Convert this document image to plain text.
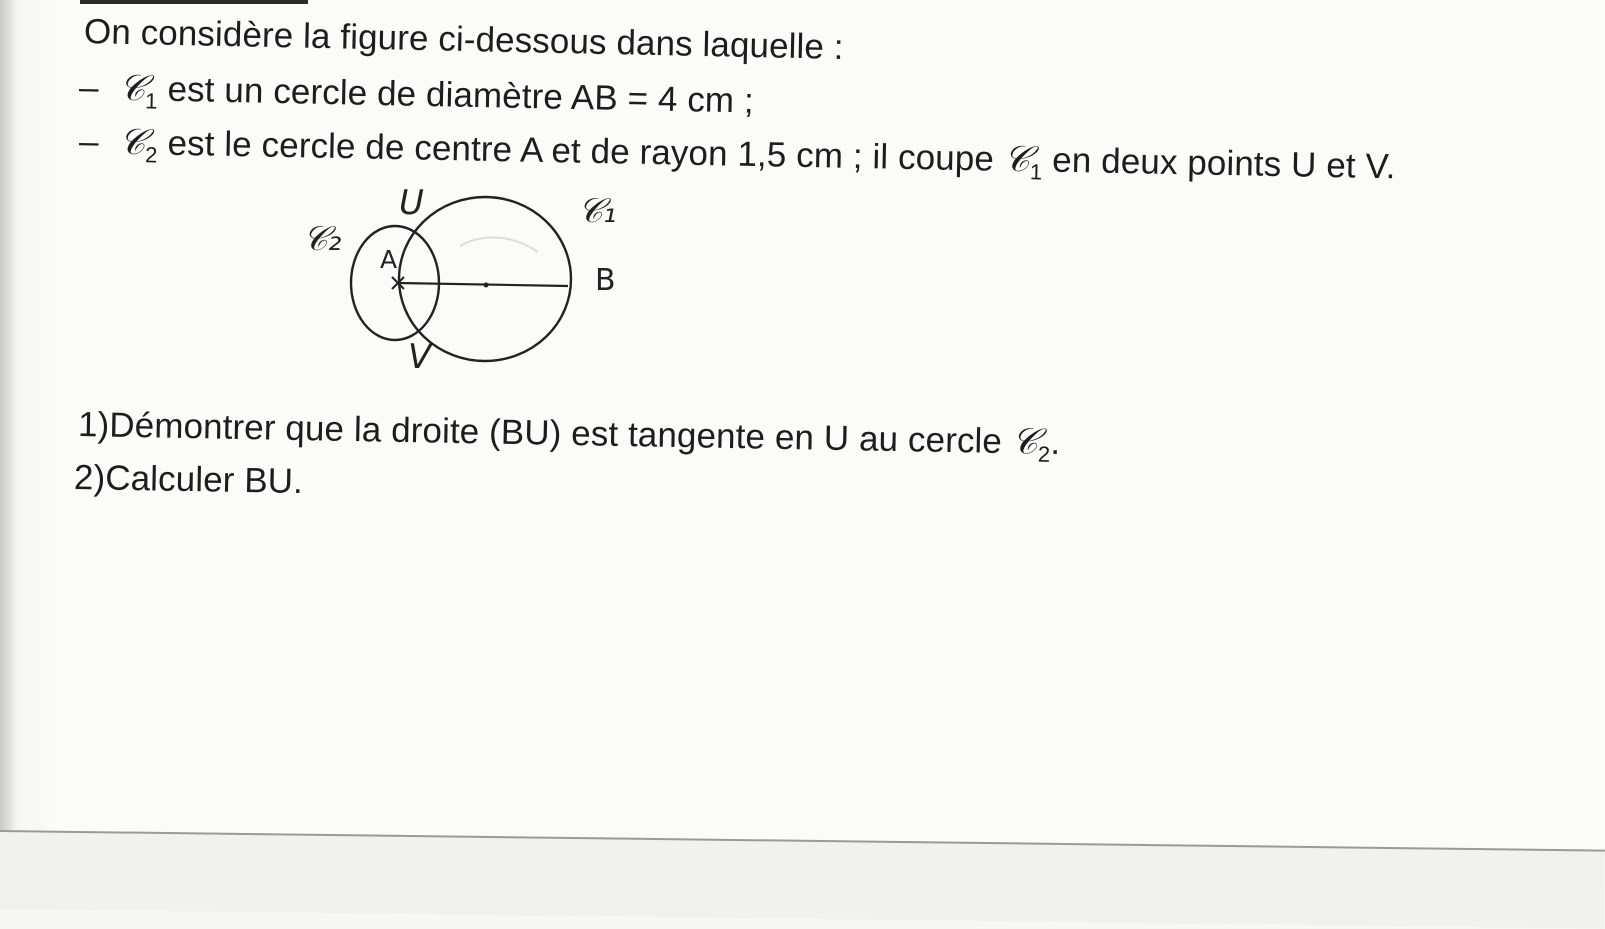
On considère la figure ci-dessous dans laquelle :
– 𝒞$_1$ est un cercle de diamètre AB = 4 cm ;
– 𝒞$_2$ est le cercle de centre A et de rayon 1,5 cm ; il coupe 𝒞$_1$ en deux points U et V.
U
V
A
B
𝒞₁
𝒞₂
1)Démontrer que la droite (BU) est tangente en U au cercle 𝒞$_2$.
2)Calculer BU.
